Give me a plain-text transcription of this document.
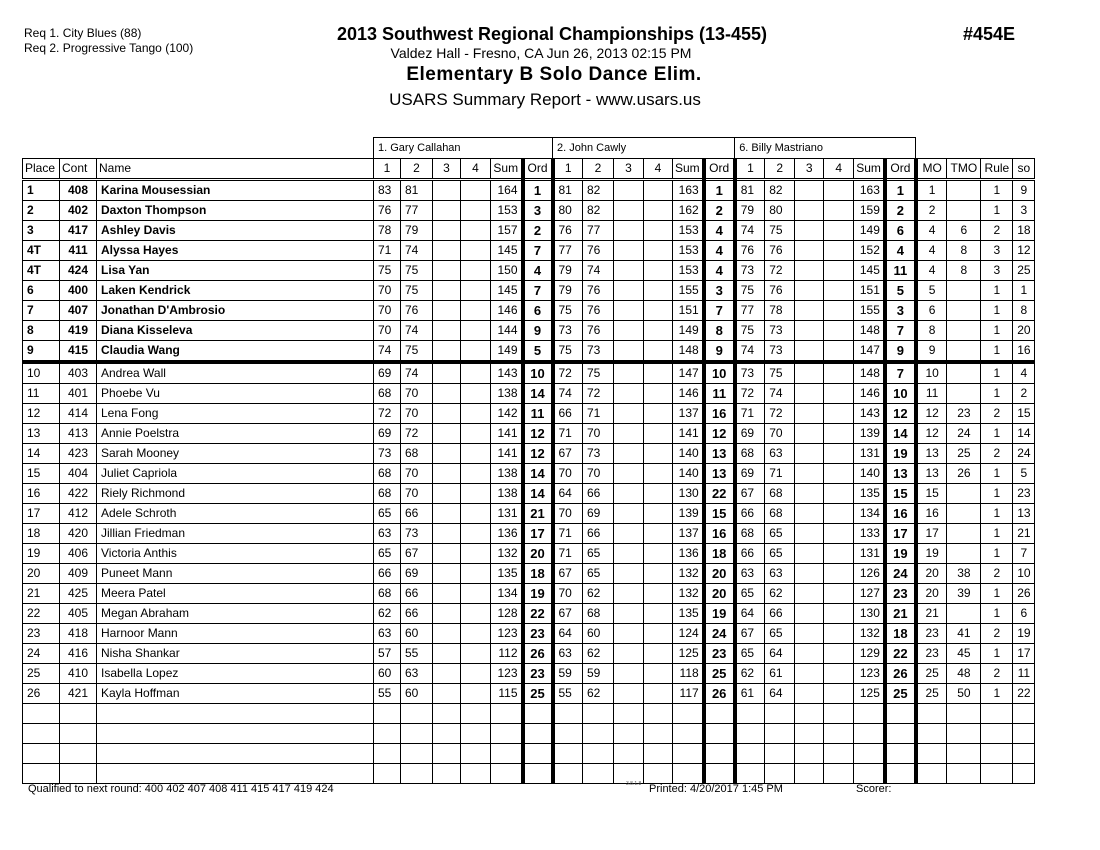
Req 1. City Blues (88)
Req 2. Progressive Tango (100)
2013 Southwest Regional Championships (13-455)
Valdez Hall - Fresno, CA Jun 26, 2013 02:15 PM
Elementary B Solo Dance Elim.
USARS Summary Report - www.usars.us
#454E
			1. Gary Callahan						2. John Cawly						6. Billy Mastriano									
Place	Cont	Name	1	2	3	4	Sum	Ord	1	2	3	4	Sum	Ord	1	2	3	4	Sum	Ord	MO	TMO	Rule	so
1	408	Karina Mousessian	83	81			164	1	81	82			163	1	81	82			163	1	1		1	9
2	402	Daxton Thompson	76	77			153	3	80	82			162	2	79	80			159	2	2		1	3
3	417	Ashley Davis	78	79			157	2	76	77			153	4	74	75			149	6	4	6	2	18
4T	411	Alyssa Hayes	71	74			145	7	77	76			153	4	76	76			152	4	4	8	3	12
4T	424	Lisa Yan	75	75			150	4	79	74			153	4	73	72			145	11	4	8	3	25
6	400	Laken Kendrick	70	75			145	7	79	76			155	3	75	76			151	5	5		1	1
7	407	Jonathan D'Ambrosio	70	76			146	6	75	76			151	7	77	78			155	3	6		1	8
8	419	Diana Kisseleva	70	74			144	9	73	76			149	8	75	73			148	7	8		1	20
9	415	Claudia Wang	74	75			149	5	75	73			148	9	74	73			147	9	9		1	16
10	403	Andrea Wall	69	74			143	10	72	75			147	10	73	75			148	7	10		1	4
11	401	Phoebe Vu	68	70			138	14	74	72			146	11	72	74			146	10	11		1	2
12	414	Lena Fong	72	70			142	11	66	71			137	16	71	72			143	12	12	23	2	15
13	413	Annie Poelstra	69	72			141	12	71	70			141	12	69	70			139	14	12	24	1	14
14	423	Sarah Mooney	73	68			141	12	67	73			140	13	68	63			131	19	13	25	2	24
15	404	Juliet Capriola	68	70			138	14	70	70			140	13	69	71			140	13	13	26	1	5
16	422	Riely Richmond	68	70			138	14	64	66			130	22	67	68			135	15	15		1	23
17	412	Adele Schroth	65	66			131	21	70	69			139	15	66	68			134	16	16		1	13
18	420	Jillian Friedman	63	73			136	17	71	66			137	16	68	65			133	17	17		1	21
19	406	Victoria Anthis	65	67			132	20	71	65			136	18	66	65			131	19	19		1	7
20	409	Puneet Mann	66	69			135	18	67	65			132	20	63	63			126	24	20	38	2	10
21	425	Meera Patel	68	66			134	19	70	62			132	20	65	62			127	23	20	39	1	26
22	405	Megan Abraham	62	66			128	22	67	68			135	19	64	66			130	21	21		1	6
23	418	Harnoor Mann	63	60			123	23	64	60			124	24	67	65			132	18	23	41	2	19
24	416	Nisha Shankar	57	55			112	26	63	62			125	23	65	64			129	22	23	45	1	17
25	410	Isabella Lopez	60	63			123	23	59	59			118	25	62	61			123	26	25	48	2	11
26	421	Kayla Hoffman	55	60			115	25	55	62			117	26	61	64			125	25	25	50	1	22

Qualified to next round: 400 402 407 408 411 415 417 419 424	3.8.1.8 Printed: 4/20/2017 1:45 PM	Scorer:
